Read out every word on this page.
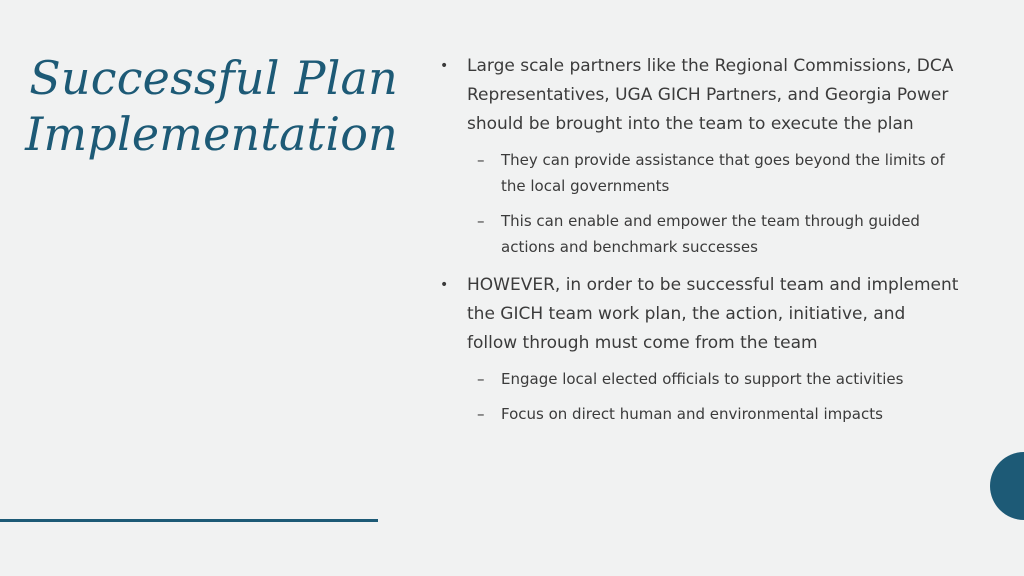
Successful Plan
Implementation
• Large scale partners like the Regional Commissions, DCA Representatives, UGA GICH Partners, and Georgia Power should be brought into the team to execute the plan
– They can provide assistance that goes beyond the limits of the local governments
– This can enable and empower the team through guided actions and benchmark successes
• HOWEVER, in order to be successful team and implement the GICH team work plan, the action, initiative, and follow through must come from the team
– Engage local elected officials to support the activities
– Focus on direct human and environmental impacts
